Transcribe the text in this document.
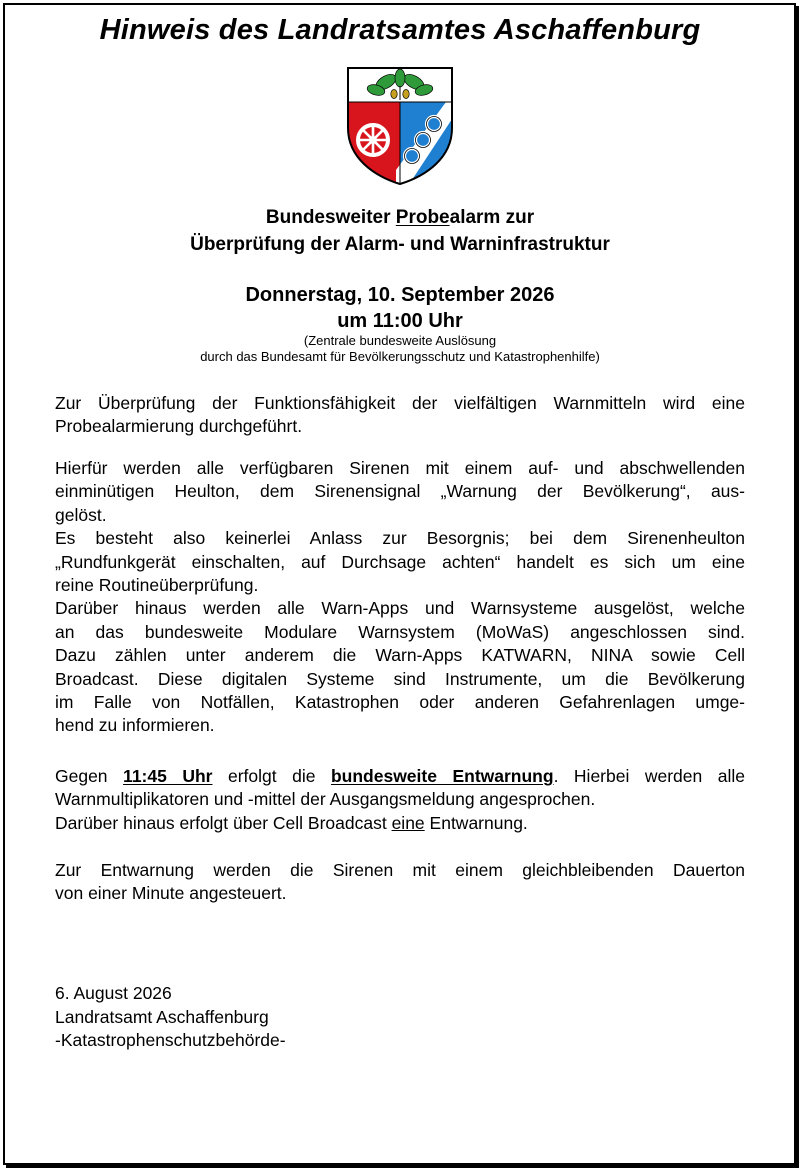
Hinweis des Landratsamtes Aschaffenburg
Bundesweiter Probealarm zur
Überprüfung der Alarm- und Warninfrastruktur
Donnerstag, 10. September 2026
um 11:00 Uhr
(Zentrale bundesweite Auslösung
durch das Bundesamt für Bevölkerungsschutz und Katastrophenhilfe)
Zur Überprüfung der Funktionsfähigkeit der vielfältigen Warnmitteln wird eine
Probealarmierung durchgeführt.
Hierfür werden alle verfügbaren Sirenen mit einem auf- und abschwellenden
einminütigen Heulton, dem Sirenensignal „Warnung der Bevölkerung“, aus-
gelöst.
Es besteht also keinerlei Anlass zur Besorgnis; bei dem Sirenenheulton
„Rundfunkgerät einschalten, auf Durchsage achten“ handelt es sich um eine
reine Routineüberprüfung.
Darüber hinaus werden alle Warn-Apps und Warnsysteme ausgelöst, welche
an das bundesweite Modulare Warnsystem (MoWaS) angeschlossen sind.
Dazu zählen unter anderem die Warn-Apps KATWARN, NINA sowie Cell
Broadcast. Diese digitalen Systeme sind Instrumente, um die Bevölkerung
im Falle von Notfällen, Katastrophen oder anderen Gefahrenlagen umge-
hend zu informieren.
Gegen 11:45 Uhr erfolgt die bundesweite Entwarnung. Hierbei werden alle
Warnmultiplikatoren und -mittel der Ausgangsmeldung angesprochen.
Darüber hinaus erfolgt über Cell Broadcast eine Entwarnung.
Zur Entwarnung werden die Sirenen mit einem gleichbleibenden Dauerton
von einer Minute angesteuert.
6. August 2026
Landratsamt Aschaffenburg
-Katastrophenschutzbehörde-
